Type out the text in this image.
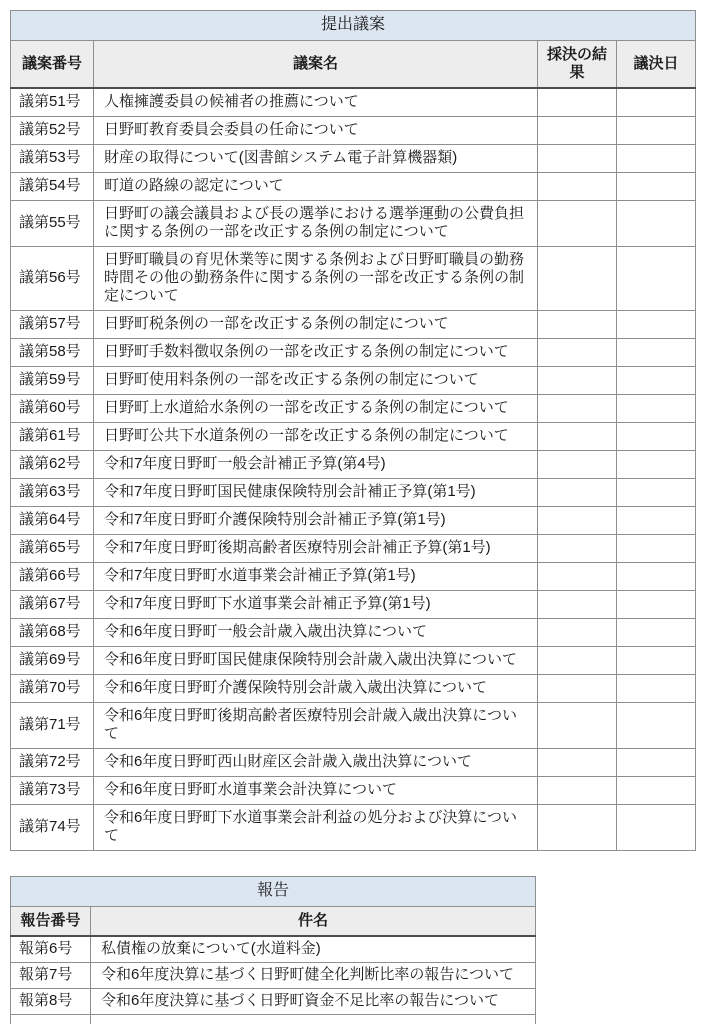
提出議案			
議案番号	議案名	採決の結果	議決日
議第51号	人権擁護委員の候補者の推薦について		
議第52号	日野町教育委員会委員の任命について		
議第53号	財産の取得について(図書館システム電子計算機器類)		
議第54号	町道の路線の認定について		
議第55号	日野町の議会議員および長の選挙における選挙運動の公費負担に関する条例の一部を改正する条例の制定について		
議第56号	日野町職員の育児休業等に関する条例および日野町職員の勤務時間その他の勤務条件に関する条例の一部を改正する条例の制定について		
議第57号	日野町税条例の一部を改正する条例の制定について		
議第58号	日野町手数料徴収条例の一部を改正する条例の制定について		
議第59号	日野町使用料条例の一部を改正する条例の制定について		
議第60号	日野町上水道給水条例の一部を改正する条例の制定について		
議第61号	日野町公共下水道条例の一部を改正する条例の制定について		
議第62号	令和7年度日野町一般会計補正予算(第4号)		
議第63号	令和7年度日野町国民健康保険特別会計補正予算(第1号)		
議第64号	令和7年度日野町介護保険特別会計補正予算(第1号)		
議第65号	令和7年度日野町後期高齢者医療特別会計補正予算(第1号)		
議第66号	令和7年度日野町水道事業会計補正予算(第1号)		
議第67号	令和7年度日野町下水道事業会計補正予算(第1号)		
議第68号	令和6年度日野町一般会計歳入歳出決算について		
議第69号	令和6年度日野町国民健康保険特別会計歳入歳出決算について		
議第70号	令和6年度日野町介護保険特別会計歳入歳出決算について		
議第71号	令和6年度日野町後期高齢者医療特別会計歳入歳出決算について		
議第72号	令和6年度日野町西山財産区会計歳入歳出決算について		
議第73号	令和6年度日野町水道事業会計決算について		
議第74号	令和6年度日野町下水道事業会計利益の処分および決算について		
報告	
報告番号	件名
報第6号	私債権の放棄について(水道料金)
報第7号	令和6年度決算に基づく日野町健全化判断比率の報告について
報第8号	令和6年度決算に基づく日野町資金不足比率の報告について
